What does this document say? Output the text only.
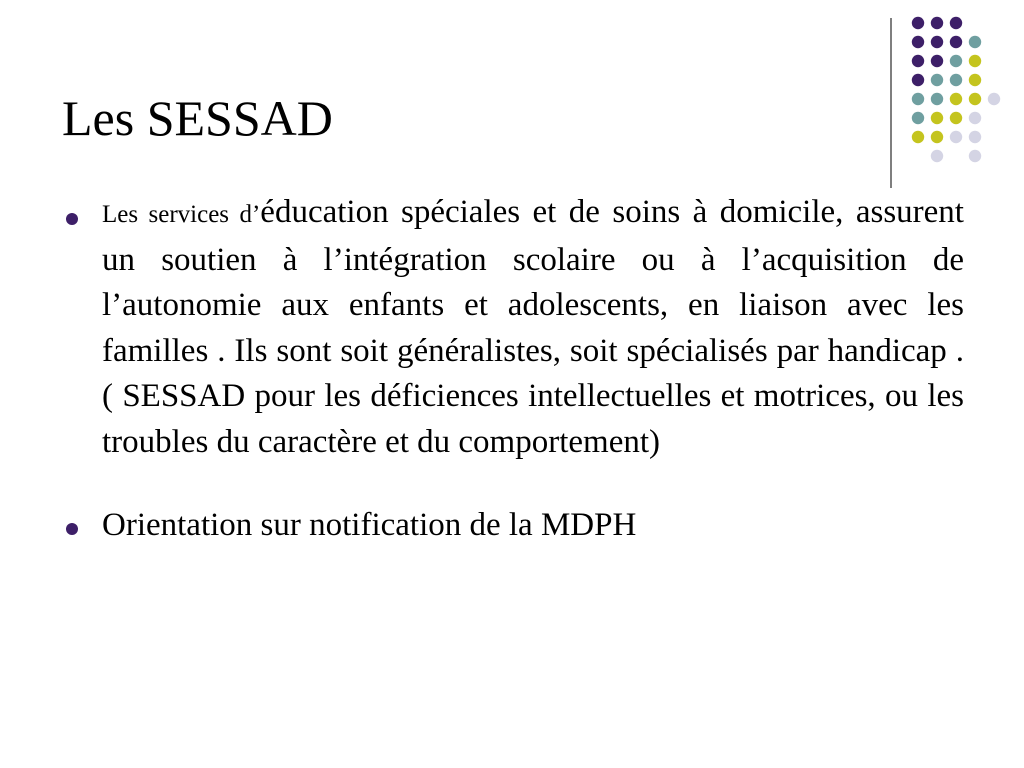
Les SESSAD
Les services d’éducation spéciales et de soins à domicile, assurent un soutien à l’intégration scolaire ou à l’acquisition de l’autonomie aux enfants et adolescents, en liaison avec les familles . Ils sont soit généralistes, soit spécialisés par handicap .( SESSAD pour les déficiences intellectuelles et motrices, ou les troubles du caractère et du comportement)
Orientation sur notification de la MDPH
